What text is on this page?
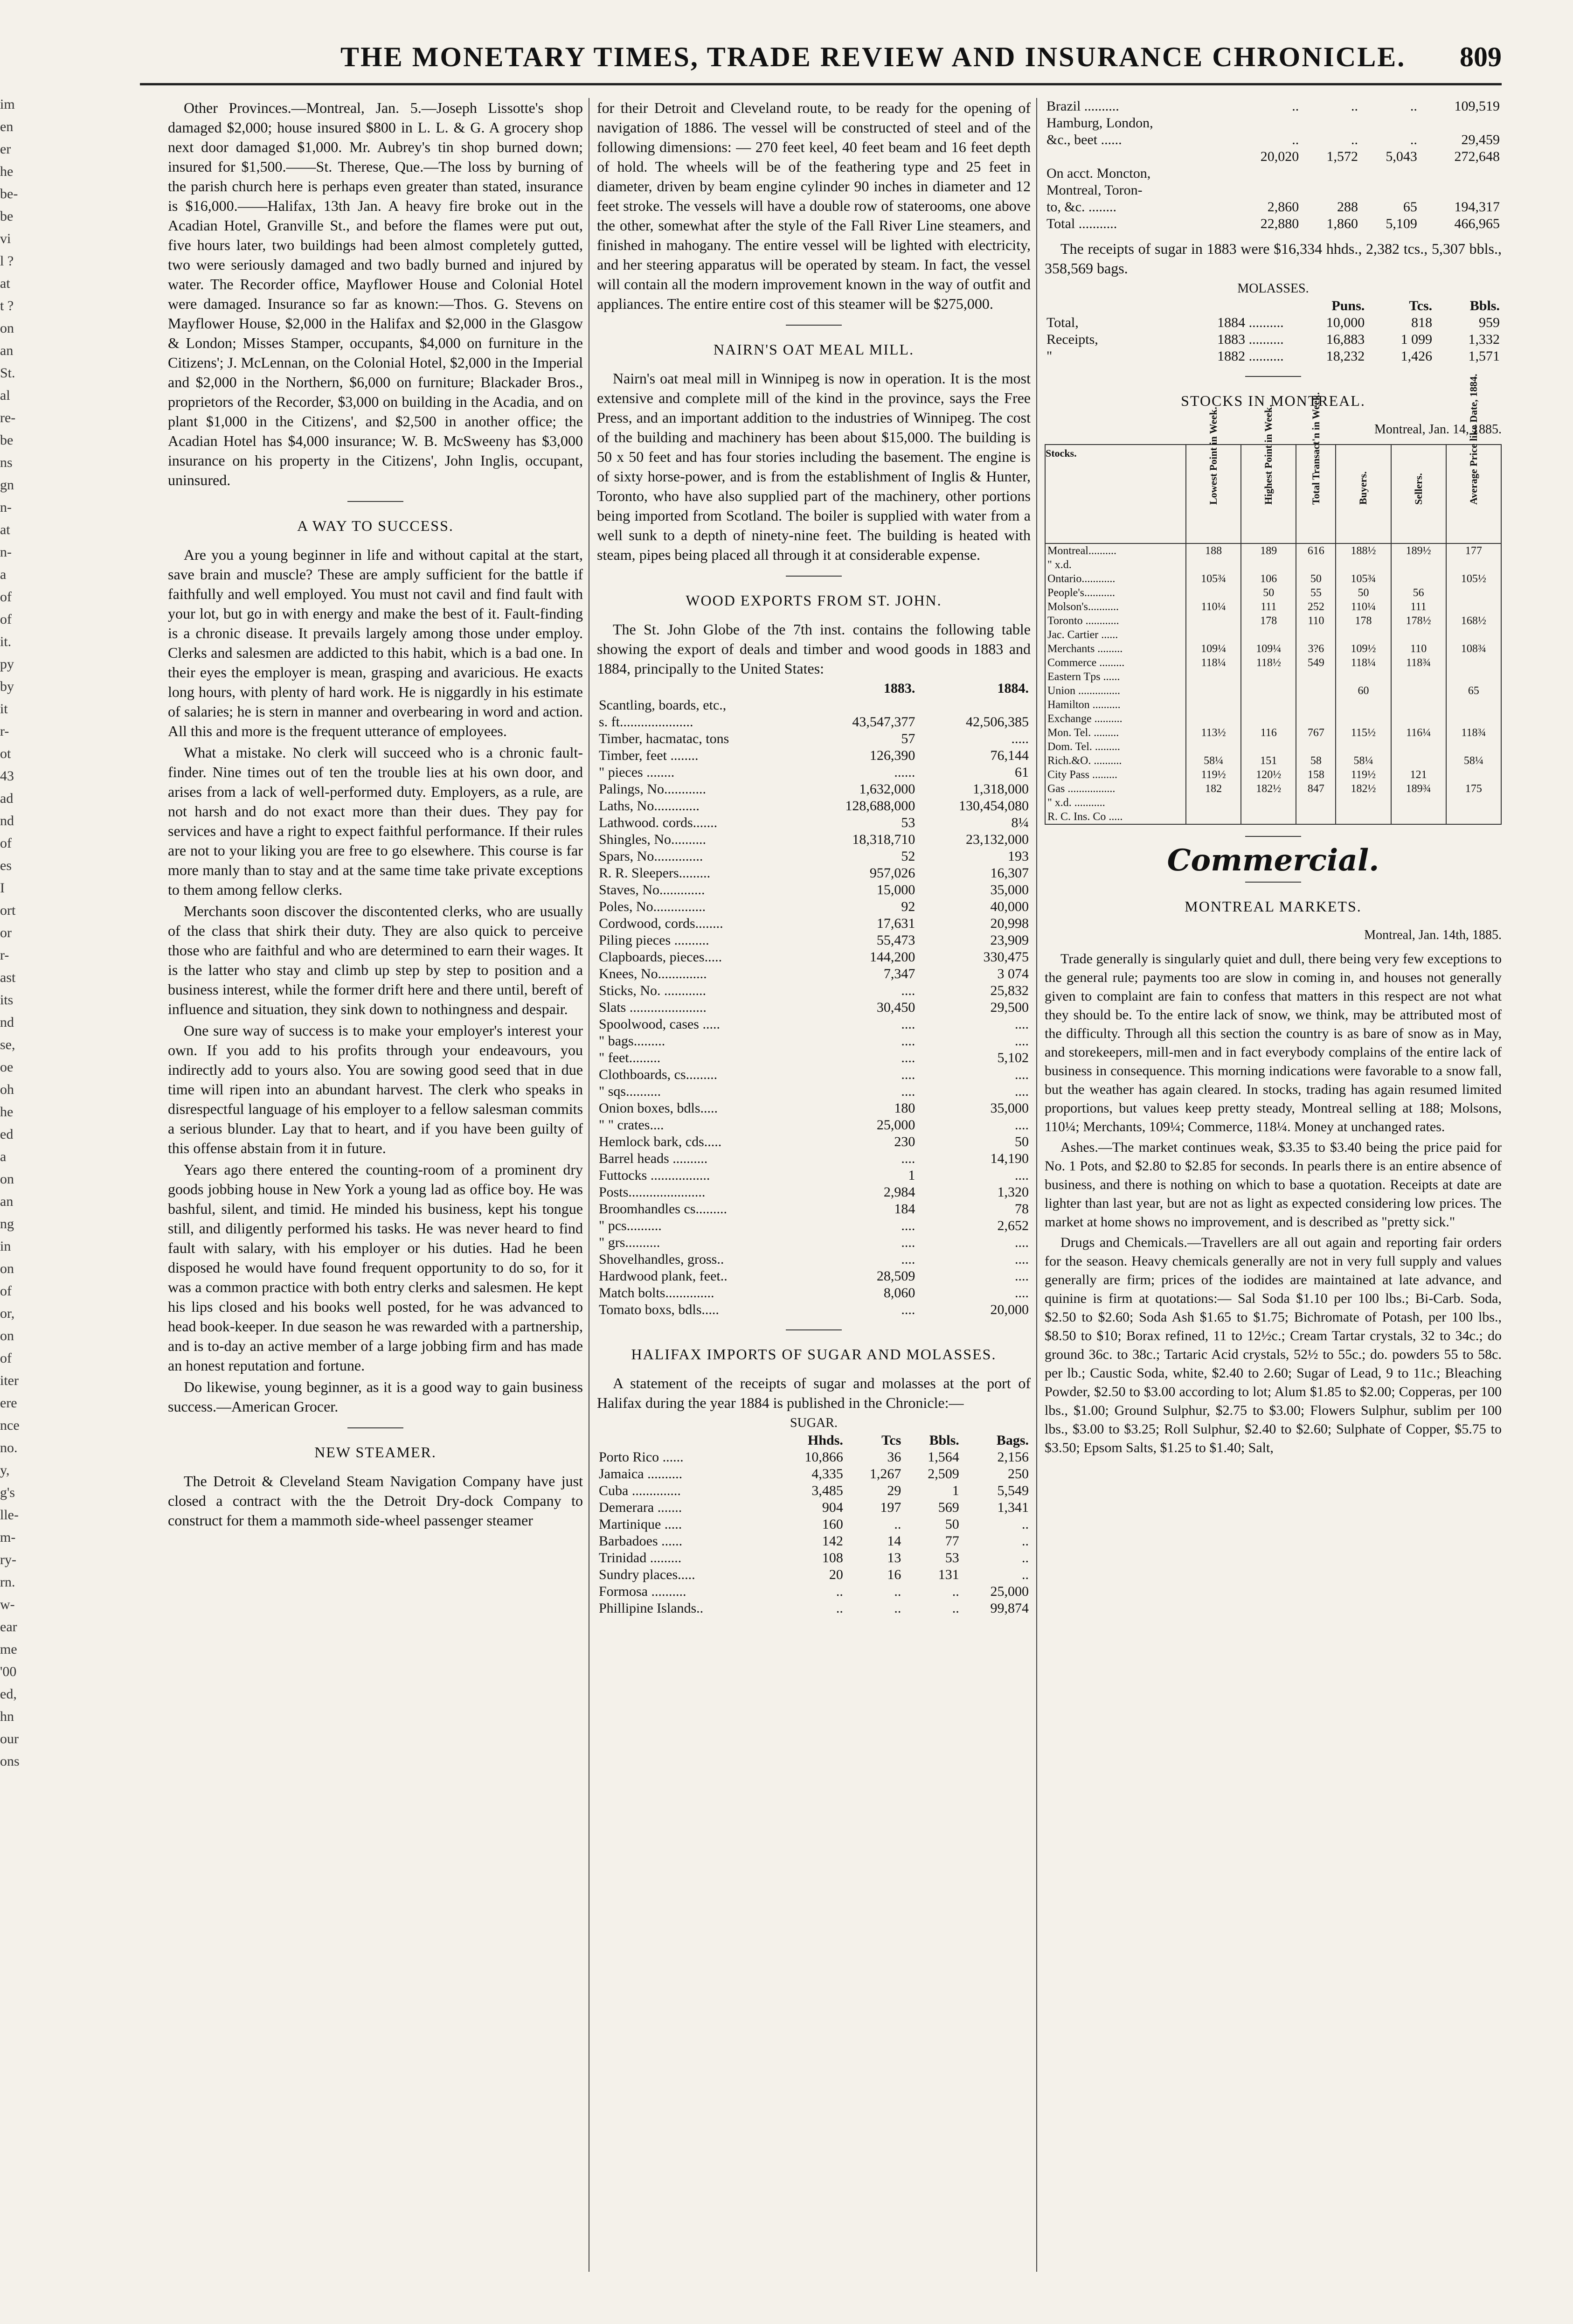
THE MONETARY TIMES, TRADE REVIEW AND INSURANCE CHRONICLE. 809
im
en
er
he
be-
be
vi
l ?
at
t ?
on
an
St.
al
re-
be
ns
gn
n-
at
n-
a
of
of
it.
py
by
it
r-
ot
43
ad
nd
of
es
I
ort
or
r-
ast
its
nd
se,
oe
oh
he
ed
a
on
an
ng
in
on
of
or,
on
of
iter
ere
nce
no.
y,
g's
lle-
m-
ry-
rn.
w-
ear
me
'00
ed,
hn
our
ons

Other Provinces.—Montreal, Jan. 5.—Joseph Lissotte's shop damaged $2,000; house insured $800 in L. L. & G. A grocery shop next door damaged $1,000. Mr. Aubrey's tin shop burned down; insured for $1,500.——St. Therese, Que.—The loss by burning of the parish church here is perhaps even greater than stated, insurance is $16,000.——Halifax, 13th Jan. A heavy fire broke out in the Acadian Hotel, Granville St., and before the flames were put out, five hours later, two buildings had been almost completely gutted, two were seriously damaged and two badly burned and injured by water. The Recorder office, Mayflower House and Colonial Hotel were damaged. Insurance so far as known:—Thos. G. Stevens on Mayflower House, $2,000 in the Halifax and $2,000 in the Glasgow & London; Misses Stamper, occupants, $4,000 on furniture in the Citizens'; J. McLennan, on the Colonial Hotel, $2,000 in the Imperial and $2,000 in the Northern, $6,000 on furniture; Blackader Bros., proprietors of the Recorder, $3,000 on building in the Acadia, and on plant $1,000 in the Citizens', and $2,500 in another office; the Acadian Hotel has $4,000 insurance; W. B. McSweeny has $3,000 insurance on his property in the Citizens', John Inglis, occupant, uninsured.

A WAY TO SUCCESS.

Are you a young beginner in life and without capital at the start, save brain and muscle? These are amply sufficient for the battle if faithfully and well employed. You must not cavil and find fault with your lot, but go in with energy and make the best of it. Fault-finding is a chronic disease. It prevails largely among those under employ. Clerks and salesmen are addicted to this habit, which is a bad one. In their eyes the employer is mean, grasping and avaricious. He exacts long hours, with plenty of hard work. He is niggardly in his estimate of salaries; he is stern in manner and overbearing in word and action. All this and more is the frequent utterance of employees.

What a mistake. No clerk will succeed who is a chronic fault-finder. Nine times out of ten the trouble lies at his own door, and arises from a lack of well-performed duty. Employers, as a rule, are not harsh and do not exact more than their dues. They pay for services and have a right to expect faithful performance. If their rules are not to your liking you are free to go elsewhere. This course is far more manly than to stay and at the same time take private exceptions to them among fellow clerks.

Merchants soon discover the discontented clerks, who are usually of the class that shirk their duty. They are also quick to perceive those who are faithful and who are determined to earn their wages. It is the latter who stay and climb up step by step to position and a business interest, while the former drift here and there until, bereft of influence and situation, they sink down to nothingness and despair.

One sure way of success is to make your employer's interest your own. If you add to his profits through your endeavours, you indirectly add to yours also. You are sowing good seed that in due time will ripen into an abundant harvest. The clerk who speaks in disrespectful language of his employer to a fellow salesman commits a serious blunder. Lay that to heart, and if you have been guilty of this offense abstain from it in future.

Years ago there entered the counting-room of a prominent dry goods jobbing house in New York a young lad as office boy. He was bashful, silent, and timid. He minded his business, kept his tongue still, and diligently performed his tasks. He was never heard to find fault with salary, with his employer or his duties. Had he been disposed he would have found frequent opportunity to do so, for it was a common practice with both entry clerks and salesmen. He kept his lips closed and his books well posted, for he was advanced to head book-keeper. In due season he was rewarded with a partnership, and is to-day an active member of a large jobbing firm and has made an honest reputation and fortune.

Do likewise, young beginner, as it is a good way to gain business success.—American Grocer.

NEW STEAMER.

The Detroit & Cleveland Steam Navigation Company have just closed a contract with the the Detroit Dry-dock Company to construct for them a mammoth side-wheel passenger steamer

for their Detroit and Cleveland route, to be ready for the opening of navigation of 1886. The vessel will be constructed of steel and of the following dimensions: — 270 feet keel, 40 feet beam and 16 feet depth of hold. The wheels will be of the feathering type and 25 feet in diameter, driven by beam engine cylinder 90 inches in diameter and 12 feet stroke. The vessels will have a double row of staterooms, one above the other, somewhat after the style of the Fall River Line steamers, and finished in mahogany. The entire vessel will be lighted with electricity, and her steering apparatus will be operated by steam. In fact, the vessel will contain all the modern improvement known in the way of outfit and appliances. The entire entire cost of this steamer will be $275,000.

NAIRN'S OAT MEAL MILL.

Nairn's oat meal mill in Winnipeg is now in operation. It is the most extensive and complete mill of the kind in the province, says the Free Press, and an important addition to the industries of Winnipeg. The cost of the building and machinery has been about $15,000. The building is 50 x 50 feet and has four stories including the basement. The engine is of sixty horse-power, and is from the establishment of Inglis & Hunter, Toronto, who have also supplied part of the machinery, other portions being imported from Scotland. The boiler is supplied with water from a well sunk to a depth of ninety-nine feet. The building is heated with steam, pipes being placed all through it at considerable expense.

WOOD EXPORTS FROM ST. JOHN.

The St. John Globe of the 7th inst. contains the following table showing the export of deals and timber and wood goods in 1883 and 1884, principally to the United States:

	1883.	1884.
Scantling, boards, etc.,		
s. ft.....................	43,547,377	42,506,385
Timber, hacmatac, tons	57	.....
Timber, feet ........	126,390	76,144
" pieces ........	......	61
Palings, No............	1,632,000	1,318,000
Laths, No.............	128,688,000	130,454,080
Lathwood. cords.......	53	8¼
Shingles, No..........	18,318,710	23,132,000
Spars, No..............	52	193
R. R. Sleepers.........	957,026	16,307
Staves, No.............	15,000	35,000
Poles, No...............	92	40,000
Cordwood, cords........	17,631	20,998
Piling pieces ..........	55,473	23,909
Clapboards, pieces.....	144,200	330,475
Knees, No..............	7,347	3 074
Sticks, No. ............	....	25,832
Slats ......................	30,450	29,500
Spoolwood, cases .....	....	....
" bags.........	....	....
" feet.........	....	5,102
Clothboards, cs.........	....	....
" sqs..........	....	....
Onion boxes, bdls.....	180	35,000
" " crates....	25,000	....
Hemlock bark, cds.....	230	50
Barrel heads ..........	....	14,190
Futtocks .................	1	....
Posts......................	2,984	1,320
Broomhandles cs.........	184	78
" pcs..........	....	2,652
" grs..........	....	....
Shovelhandles, gross..	....	....
Hardwood plank, feet..	28,509	....
Match bolts..............	8,060	....
Tomato boxs, bdls.....	....	20,000
HALIFAX IMPORTS OF SUGAR AND MOLASSES.

A statement of the receipts of sugar and molasses at the port of Halifax during the year 1884 is published in the Chronicle:—

SUGAR.
	Hhds.	Tcs	Bbls.	Bags.
Porto Rico ......	10,866	36	1,564	2,156
Jamaica ..........	4,335	1,267	2,509	250
Cuba ..............	3,485	29	1	5,549
Demerara .......	904	197	569	1,341
Martinique .....	160	..	50	..
Barbadoes ......	142	14	77	..
Trinidad .........	108	13	53	..
Sundry places.....	20	16	131	..
Formosa ..........	..	..	..	25,000
Phillipine Islands..	..	..	..	99,874
Brazil ..........	..	..	..	109,519
Hamburg, London,				
&c., beet ......	..	..	..	29,459
	20,020	1,572	5,043	272,648
On acct. Moncton,				
Montreal, Toron-				
to, &c. ........	2,860	288	65	194,317
Total ...........	22,880	1,860	5,109	466,965

The receipts of sugar in 1883 were $16,334 hhds., 2,382 tcs., 5,307 bbls., 358,569 bags.

MOLASSES.
		Puns.	Tcs.	Bbls.
Total,	1884 ..........	10,000	818	959
Receipts,	1883 ..........	16,883	1 099	1,332
"	1882 ..........	18,232	1,426	1,571
STOCKS IN MONTREAL.
Montreal, Jan. 14, 1885.
Stocks.	Lowest Point in Week.	Highest Point in Week.	Total Transact'n in Week.	Buyers.	Sellers.	Average Price like Date, 1884.

Montreal..........	188	189	616	188½	189½	177
" x.d.						
Ontario............	105¾	106	50	105¾		105½
People's...........		50	55	50	56	
Molson's...........	110¼	111	252	110¼	111	
Toronto ............		178	110	178	178½	168½
Jac. Cartier ......						
Merchants .........	109¼	109¼	3?6	109½	110	108¾
Commerce .........	118¼	118½	549	118¼	118¾	
Eastern Tps ......						
Union ...............				60		65
Hamilton ..........						
Exchange ..........						
Mon. Tel. .........	113½	116	767	115½	116¼	118¾
Dom. Tel. .........						
Rich.&O. ..........	58¼	151	58	58¼		58¼
City Pass .........	119½	120½	158	119½	121	
Gas .................	182	182½	847	182½	189¾	175
" x.d. ...........						
R. C. Ins. Co .....						
Commercial.
MONTREAL MARKETS.
Montreal, Jan. 14th, 1885.

Trade generally is singularly quiet and dull, there being very few exceptions to the general rule; payments too are slow in coming in, and houses not generally given to complaint are fain to confess that matters in this respect are not what they should be. To the entire lack of snow, we think, may be attributed most of the difficulty. Through all this section the country is as bare of snow as in May, and storekeepers, mill-men and in fact everybody complains of the entire lack of business in consequence. This morning indications were favorable to a snow fall, but the weather has again cleared. In stocks, trading has again resumed limited proportions, but values keep pretty steady, Montreal selling at 188; Molsons, 110¼; Merchants, 109¼; Commerce, 118¼. Money at unchanged rates.

Ashes.—The market continues weak, $3.35 to $3.40 being the price paid for No. 1 Pots, and $2.80 to $2.85 for seconds. In pearls there is an entire absence of business, and there is nothing on which to base a quotation. Receipts at date are lighter than last year, but are not as light as expected considering low prices. The market at home shows no improvement, and is described as "pretty sick."

Drugs and Chemicals.—Travellers are all out again and reporting fair orders for the season. Heavy chemicals generally are not in very full supply and values generally are firm; prices of the iodides are maintained at late advance, and quinine is firm at quotations:— Sal Soda $1.10 per 100 lbs.; Bi-Carb. Soda, $2.50 to $2.60; Soda Ash $1.65 to $1.75; Bichromate of Potash, per 100 lbs., $8.50 to $10; Borax refined, 11 to 12½c.; Cream Tartar crystals, 32 to 34c.; do ground 36c. to 38c.; Tartaric Acid crystals, 52½ to 55c.; do. powders 55 to 58c. per lb.; Caustic Soda, white, $2.40 to 2.60; Sugar of Lead, 9 to 11c.; Bleaching Powder, $2.50 to $3.00 according to lot; Alum $1.85 to $2.00; Copperas, per 100 lbs., $1.00; Ground Sulphur, $2.75 to $3.00; Flowers Sulphur, sublim per 100 lbs., $3.00 to $3.25; Roll Sulphur, $2.40 to $2.60; Sulphate of Copper, $5.75 to $3.50; Epsom Salts, $1.25 to $1.40; Salt,
